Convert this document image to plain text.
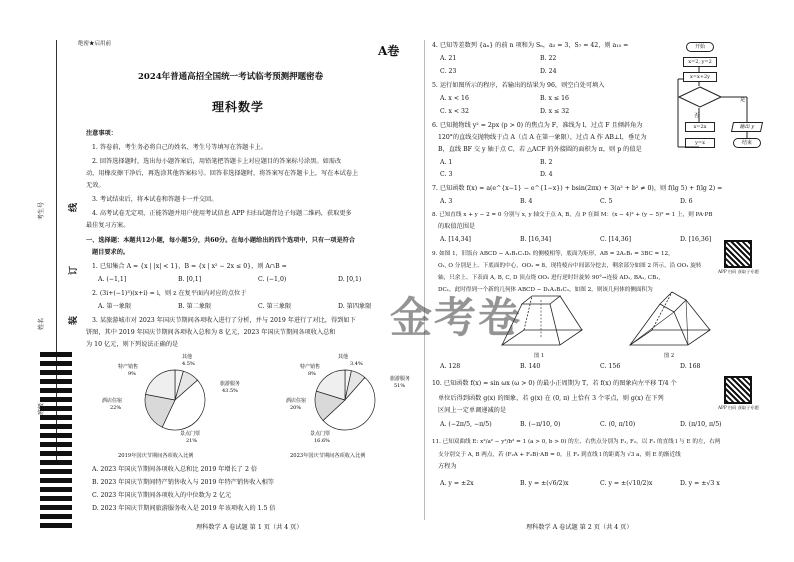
考生号	线
订
装
姓名
班级
绝密★启用前	A卷
2024年普通高招全国统一考试临考预测押题密卷
理科数学
注意事项：
1. 答卷前，考生务必将自己的姓名、考生号等填写在答题卡上。
2. 回答选择题时，选出每小题答案后，用铅笔把答题卡上对应题目的答案标号涂黑。如需改
动，用橡皮擦干净后，再选涂其他答案标号。回答非选择题时，将答案写在答题卡上，写在本试卷上
无效。
3. 考试结束后，将本试卷和答题卡一并交回。
4. 高考试卷无定项，正能答题并用户使用考试信息 APP 扫扫试题背边子每题二维码，获取更多
最佳复习方案。
一、选择题：本题共12小题，每小题5分，共60分。在每小题给出的四个选项中，只有一项是符合
题目要求的。
1. 已知集合 A = {x | |x| < 1}，B = {x | x² − 2x ≤ 0}，则 A∩B =
A. (−1,1]	B. [0,1]	C. (−1,0)	D. [0,1)
2. (3i+(−1)³)(x+i) = i，则 z 在复平面内对应的点位于
A. 第一象限	B. 第二象限	C. 第三象限	D. 第四象限
3. 某旅游城市对 2023 年国庆节期间各项收入进行了分析，并与 2019 年进行了对比，得到如下
饼图，其中 2019 年国庆节期间各项收入总和为 8 亿元，2023 年国庆节期间各项收入总和
为 10 亿元，则下列说法正确的是
其他
4.5%
特产销售
9%
旅游服务
43.5%
酒店住宿
22%
景点门票
21%
其他
3.4%
特产销售
8%
旅游服务
51%
酒店住宿
20%
景点门票
16.6%
2019年国庆节期间各项收入比例	2023年国庆节期间各项收入比例
A. 2023 年国庆节期间各项收入总和比 2019 年增长了 2 倍
B. 2023 年国庆节期间特产销售收入与 2019 年特产销售收入相等
C. 2023 年国庆节期间各项收入的中位数为 2 亿元
D. 2023 年国庆节期间旅游服务收入是 2019 年该项收入的 1.5 倍
理科数学 A 卷试题 第 1 页（共 4 页）
4. 已知等差数列 {aₙ} 的前 n 项和为 Sₙ，a₃ = 3，S₇ = 42，则 a₁₀ =
A. 21	B. 22
C. 23	D. 24
5. 运行如图所示的程序，若输出的结果为 96，则空白处可填入
A. x < 16	B. x ≤ 16
C. x < 32	D. x ≤ 32
开始
x=2, y=2
x=x+2y
是
否
x=2x
y=x
输出 y
结束
6. 已知抛物线 y² = 2px (p > 0) 的焦点为 F，准线为 l，过点 F 且倾斜角为
120°的直线交抛物线于点 A（点 A 在第一象限），过点 A 作 AB⊥l，垂足为
B，直线 BF 交 y 轴于点 C，若 △ACF 的外接圆的面积为 π，则 p 的值是
A. 1	B. 2
C. 3	D. 4
7. 已知函数 f(x) = a(e^{x−1} − e^{1−x}) + bsin(2πx) + 3(a² + b² ≠ 0)，则 f(lg 5) + f(lg 2) =
A. 3	B. 4	C. 5	D. 6
8. 已知直线 x + y − 2 = 0 分别与 x, y 轴交于点 A, B，点 P 在圆 M：(x − 4)² + (y − 5)² = 1 上，则 PA·PB
的取值范围是
A. [14,34]	B. [16,34]	C. [14,36]	D. [16,36]
9. 如图 1，旧饭台 ABCD − A₁B₁C₁D₁ 的侧棱相等，底面为矩形，AB = 2A₁B₁ = 3BC = 12，
O₁, O 分别是上、下底面的中心，OO₁ = 8，现将棱台中间部分挖去，剩余部分如图 2 所示，沿 OO₁ 旋转
轴，只余上、下表面 A, B, C, D 顶点绕 OO₁ 进行逆时针旋转 90°→连接 AD₁, BA₁, CB₁,
DC₁，此时得到一个新的几何体 ABCD − D₁A₁B₁C₁，如图 2，则该几何体的侧面积为
APP 扫码 获取子专题
图 1	图 2
A. 128	B. 140	C. 156	D. 168
10. 已知函数 f(x) = sin ωx (ω > 0) 的最小正周期为 T，若 f(x) 的图象向左平移 T/4 个
单位后得到函数 g(x) 的图象，若 g(x) 在 (0, π) 上恰有 3 个零点，则 g(x) 在下列
区间上一定单调递减的是
A. (−2π/5, −π/5)	B. (−π/10, 0)	C. (0, π/10)	D. (π/10, π/5)
APP 扫码 获取子专题
11. 已知双曲线 E: x²/a² − y²/b² = 1 (a > 0, b > 0) 的左、右焦点分别为 F₁, F₂，以 F₁ 的直线 l 与 E 的左，右两
支分别交于 A, B 两点，若 (F₂A + F₂B)·AB = 0，且 F₂ 到直线 l 的距离为 √3 a，则 E 的渐近线
方程为
A. y = ±2x	B. y = ±(√6/2)x	C. y = ±(√10/2)x	D. y = ±√3 x
理科数学 A 卷试题 第 2 页（共 4 页）
金考卷
